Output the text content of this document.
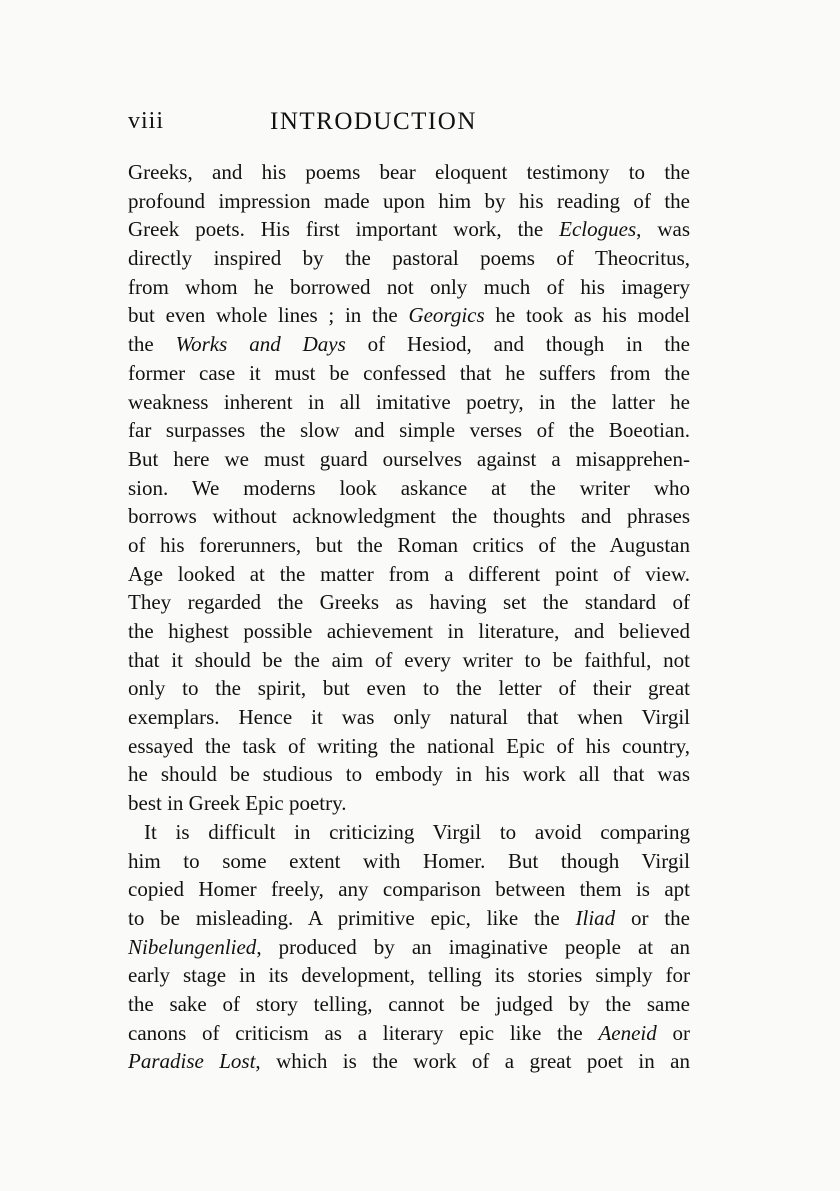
viii	INTRODUCTION
Greeks, and his poems bear eloquent testimony to the
profound impression made upon him by his reading of the
Greek poets. His first important work, the Eclogues, was
directly inspired by the pastoral poems of Theocritus,
from whom he borrowed not only much of his imagery
but even whole lines ; in the Georgics he took as his model
the Works and Days of Hesiod, and though in the
former case it must be confessed that he suffers from the
weakness inherent in all imitative poetry, in the latter he
far surpasses the slow and simple verses of the Boeotian.
But here we must guard ourselves against a misapprehen-
sion. We moderns look askance at the writer who
borrows without acknowledgment the thoughts and phrases
of his forerunners, but the Roman critics of the Augustan
Age looked at the matter from a different point of view.
They regarded the Greeks as having set the standard of
the highest possible achievement in literature, and believed
that it should be the aim of every writer to be faithful, not
only to the spirit, but even to the letter of their great
exemplars. Hence it was only natural that when Virgil
essayed the task of writing the national Epic of his country,
he should be studious to embody in his work all that was
best in Greek Epic poetry.
It is difficult in criticizing Virgil to avoid comparing
him to some extent with Homer. But though Virgil
copied Homer freely, any comparison between them is apt
to be misleading. A primitive epic, like the Iliad or the
Nibelungenlied, produced by an imaginative people at an
early stage in its development, telling its stories simply for
the sake of story telling, cannot be judged by the same
canons of criticism as a literary epic like the Aeneid or
Paradise Lost, which is the work of a great poet in an
